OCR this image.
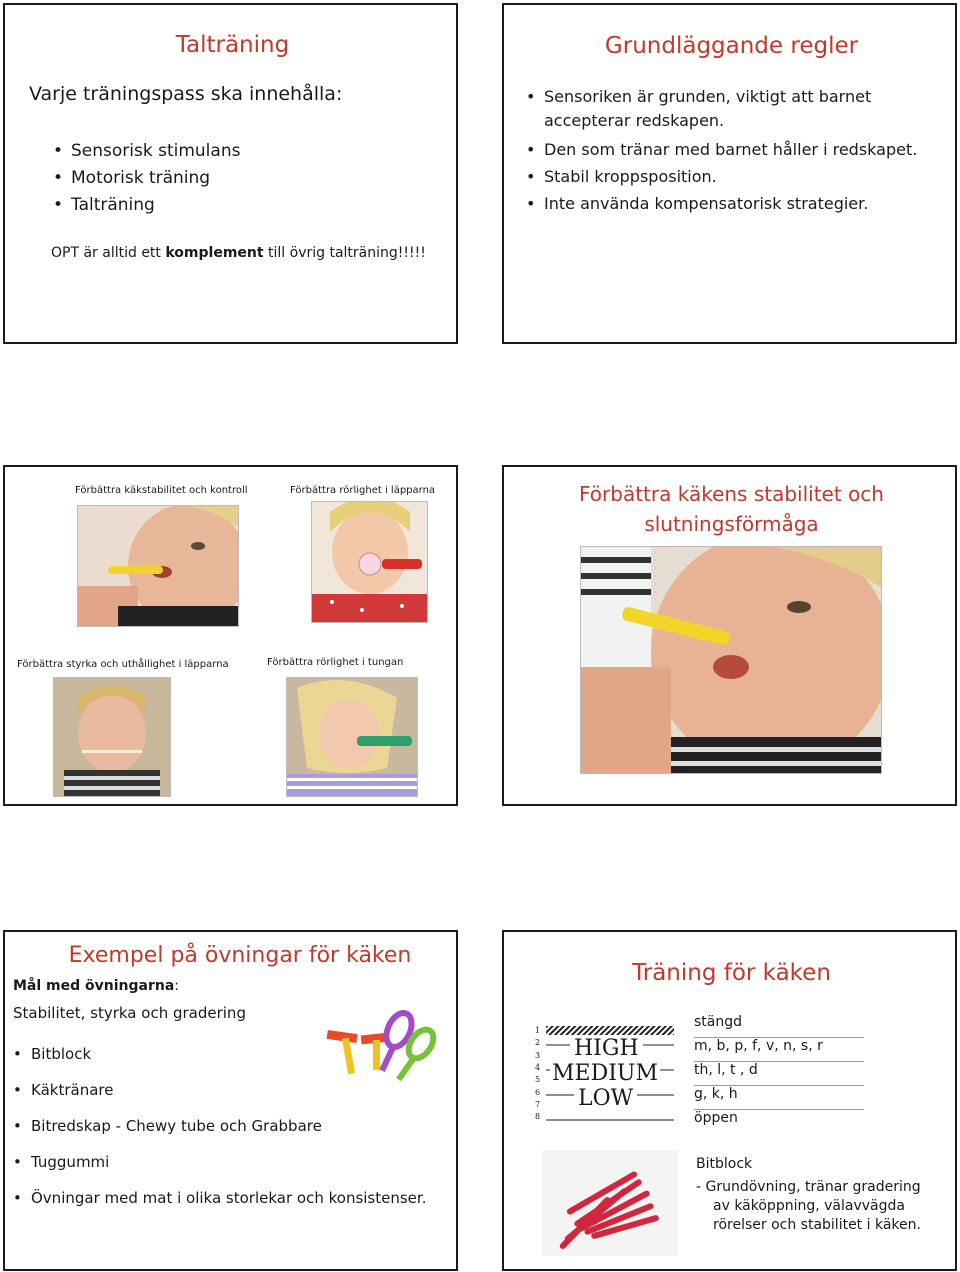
Talträning
Varje träningspass ska innehålla:
• Sensorisk stimulans
• Motorisk träning
• Talträning
OPT är alltid ett komplement till övrig talträning!!!!!
Grundläggande regler
• Sensoriken är grunden, viktigt att barnet accepterar redskapen.
• Den som tränar med barnet håller i redskapet.
• Stabil kroppsposition.
• Inte använda kompensatorisk strategier.
Förbättra käkstabilitet och kontroll	Förbättra rörlighet i läpparna
Förbättra styrka och uthållighet i läpparna	Förbättra rörlighet i tungan
Förbättra käkens stabilitet och
slutningsförmåga
Exempel på övningar för käken
Mål med övningarna:
Stabilitet, styrka och gradering
• Bitblock
• Käktränare
• Bitredskap - Chewy tube och Grabbare
• Tuggummi
• Övningar med mat i olika storlekar och konsistenser.
Träning för käken
1
2
3
4
5
6
7
8
HIGH
MEDIUM
LOW
stängd
m, b, p, f, v, n, s, r
th, l, t , d
g, k, h
öppen
Bitblock
- Grundövning, tränar gradering
av käköppning, välavvägda
rörelser och stabilitet i käken.
